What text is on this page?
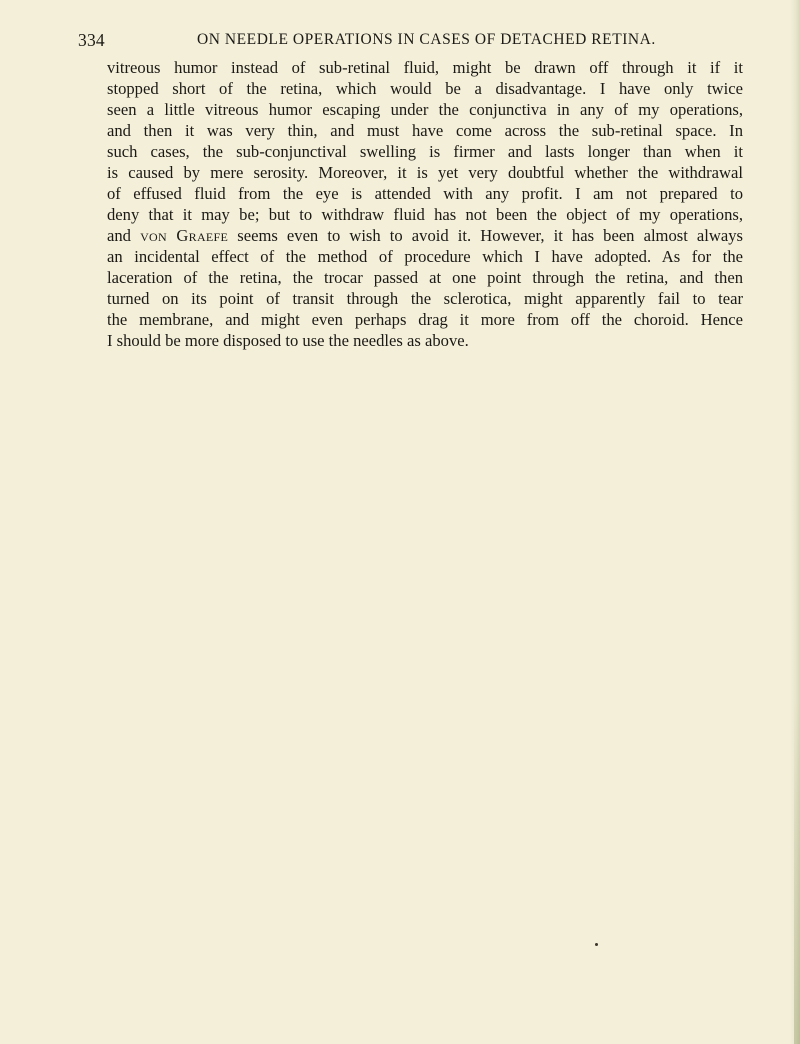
334	ON NEEDLE OPERATIONS IN CASES OF DETACHED RETINA.
vitreous humor instead of sub-retinal fluid, might be drawn off through it if it
stopped short of the retina, which would be a disadvantage. I have only twice
seen a little vitreous humor escaping under the conjunctiva in any of my operations,
and then it was very thin, and must have come across the sub-retinal space. In
such cases, the sub-conjunctival swelling is firmer and lasts longer than when it
is caused by mere serosity. Moreover, it is yet very doubtful whether the withdrawal
of effused fluid from the eye is attended with any profit. I am not prepared to
deny that it may be; but to withdraw fluid has not been the object of my operations,
and von Graefe seems even to wish to avoid it. However, it has been almost always
an incidental effect of the method of procedure which I have adopted. As for the
laceration of the retina, the trocar passed at one point through the retina, and then
turned on its point of transit through the sclerotica, might apparently fail to tear
the membrane, and might even perhaps drag it more from off the choroid. Hence
I should be more disposed to use the needles as above.
